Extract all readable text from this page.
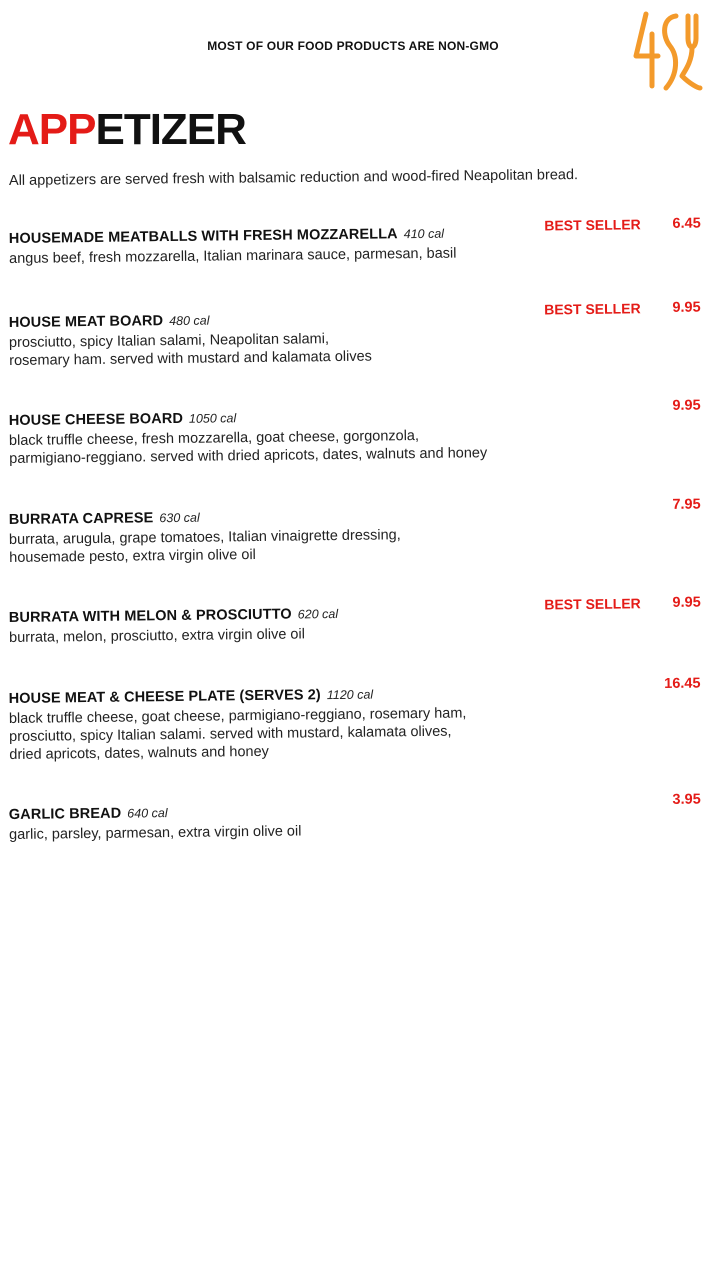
MOST OF OUR FOOD PRODUCTS ARE NON-GMO
APPETIZER
All appetizers are served fresh with balsamic reduction and wood-fired Neapolitan bread.
HOUSEMADE MEATBALLS WITH FRESH MOZZARELLA 410 cal
angus beef, fresh mozzarella, Italian marinara sauce, parmesan, basil
BEST SELLER 6.45
HOUSE MEAT BOARD 480 cal
prosciutto, spicy Italian salami, Neapolitan salami,
rosemary ham. served with mustard and kalamata olives
BEST SELLER 9.95
HOUSE CHEESE BOARD 1050 cal
black truffle cheese, fresh mozzarella, goat cheese, gorgonzola,
parmigiano-reggiano. served with dried apricots, dates, walnuts and honey
9.95
BURRATA CAPRESE 630 cal
burrata, arugula, grape tomatoes, Italian vinaigrette dressing,
housemade pesto, extra virgin olive oil
7.95
BURRATA WITH MELON & PROSCIUTTO 620 cal
burrata, melon, prosciutto, extra virgin olive oil
BEST SELLER 9.95
HOUSE MEAT & CHEESE PLATE (SERVES 2) 1120 cal
black truffle cheese, goat cheese, parmigiano-reggiano, rosemary ham,
prosciutto, spicy Italian salami. served with mustard, kalamata olives,
dried apricots, dates, walnuts and honey
16.45
GARLIC BREAD 640 cal
garlic, parsley, parmesan, extra virgin olive oil
3.95
